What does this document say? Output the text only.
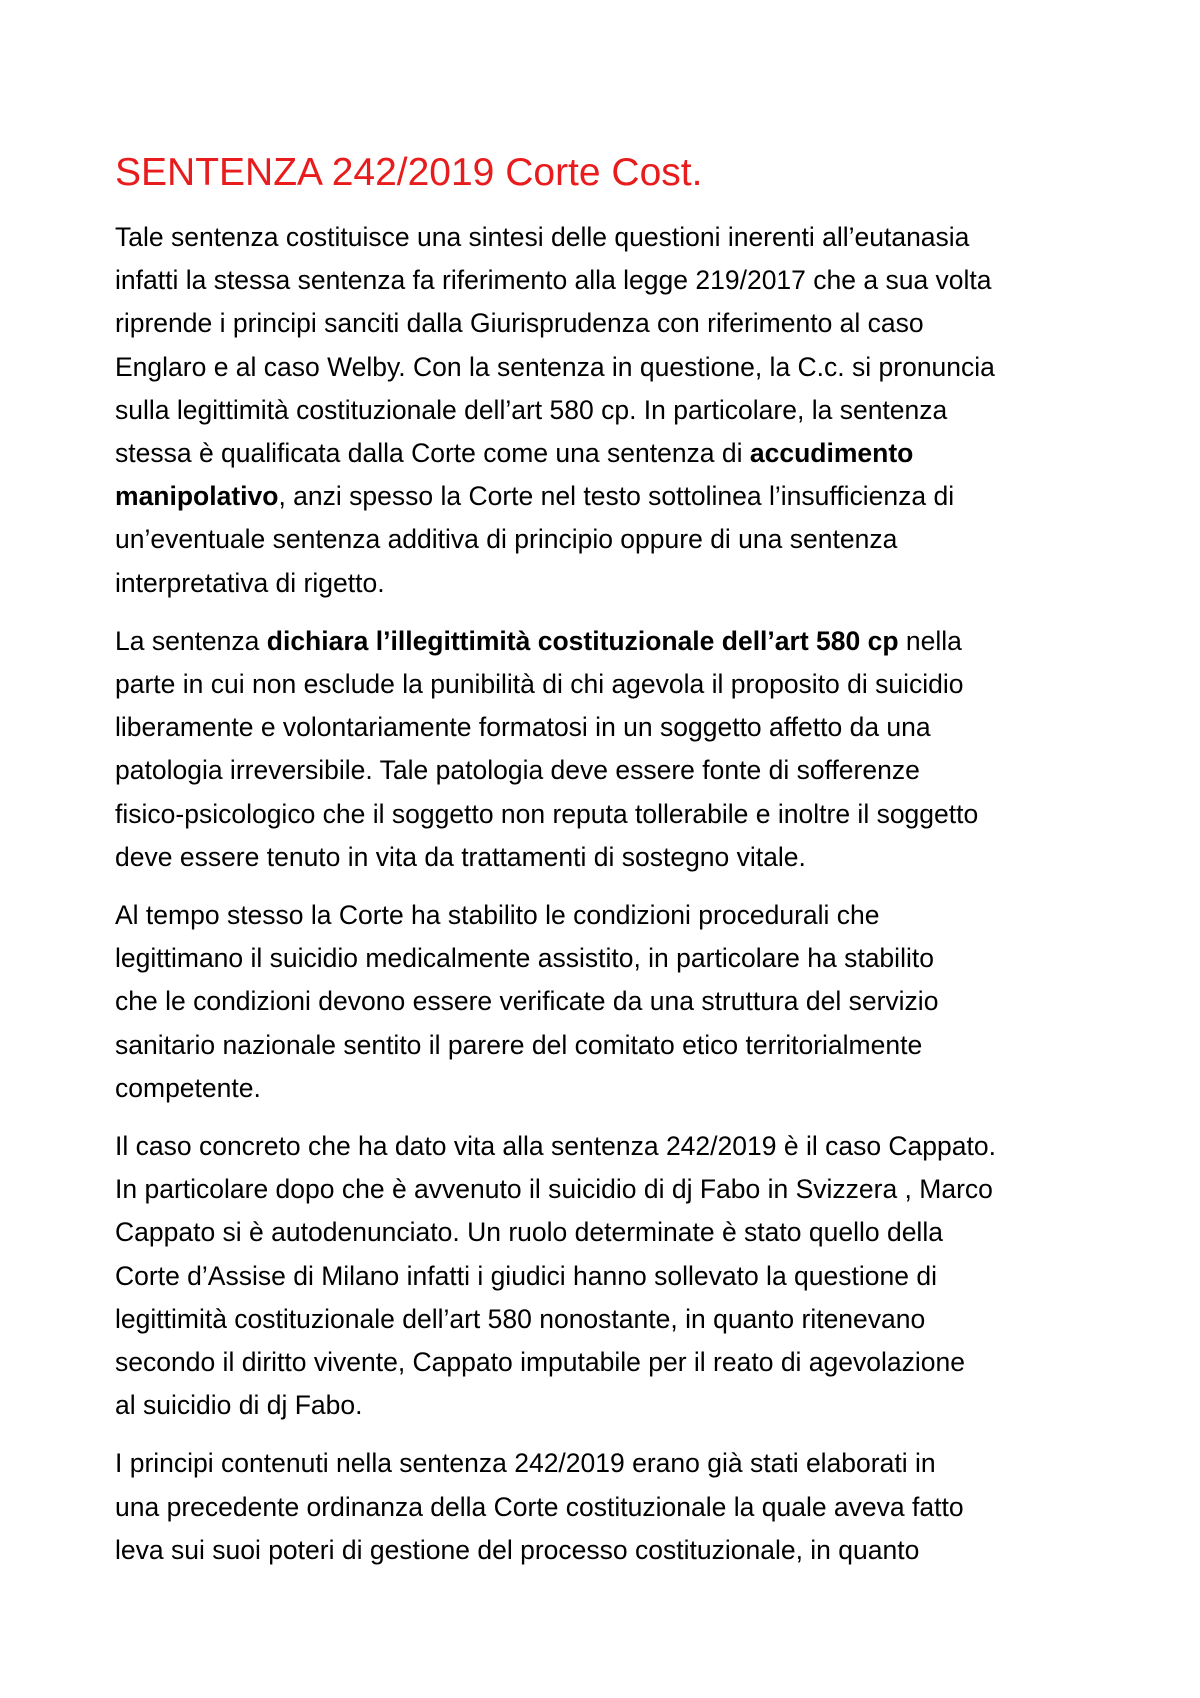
SENTENZA 242/2019 Corte Cost.

Tale sentenza costituisce una sintesi delle questioni inerenti all’eutanasia
infatti la stessa sentenza fa riferimento alla legge 219/2017 che a sua volta
riprende i principi sanciti dalla Giurisprudenza con riferimento al caso
Englaro e al caso Welby. Con la sentenza in questione, la C.c. si pronuncia
sulla legittimità costituzionale dell’art 580 cp. In particolare, la sentenza
stessa è qualificata dalla Corte come una sentenza di accudimento
manipolativo, anzi spesso la Corte nel testo sottolinea l’insufficienza di
un’eventuale sentenza additiva di principio oppure di una sentenza
interpretativa di rigetto.

La sentenza dichiara l’illegittimità costituzionale dell’art 580 cp nella
parte in cui non esclude la punibilità di chi agevola il proposito di suicidio
liberamente e volontariamente formatosi in un soggetto affetto da una
patologia irreversibile. Tale patologia deve essere fonte di sofferenze
fisico-psicologico che il soggetto non reputa tollerabile e inoltre il soggetto
deve essere tenuto in vita da trattamenti di sostegno vitale.

Al tempo stesso la Corte ha stabilito le condizioni procedurali che
legittimano il suicidio medicalmente assistito, in particolare ha stabilito
che le condizioni devono essere verificate da una struttura del servizio
sanitario nazionale sentito il parere del comitato etico territorialmente
competente.

Il caso concreto che ha dato vita alla sentenza 242/2019 è il caso Cappato.
In particolare dopo che è avvenuto il suicidio di dj Fabo in Svizzera , Marco
Cappato si è autodenunciato. Un ruolo determinate è stato quello della
Corte d’Assise di Milano infatti i giudici hanno sollevato la questione di
legittimità costituzionale dell’art 580 nonostante, in quanto ritenevano
secondo il diritto vivente, Cappato imputabile per il reato di agevolazione
al suicidio di dj Fabo.

I principi contenuti nella sentenza 242/2019 erano già stati elaborati in
una precedente ordinanza della Corte costituzionale la quale aveva fatto
leva sui suoi poteri di gestione del processo costituzionale, in quanto
